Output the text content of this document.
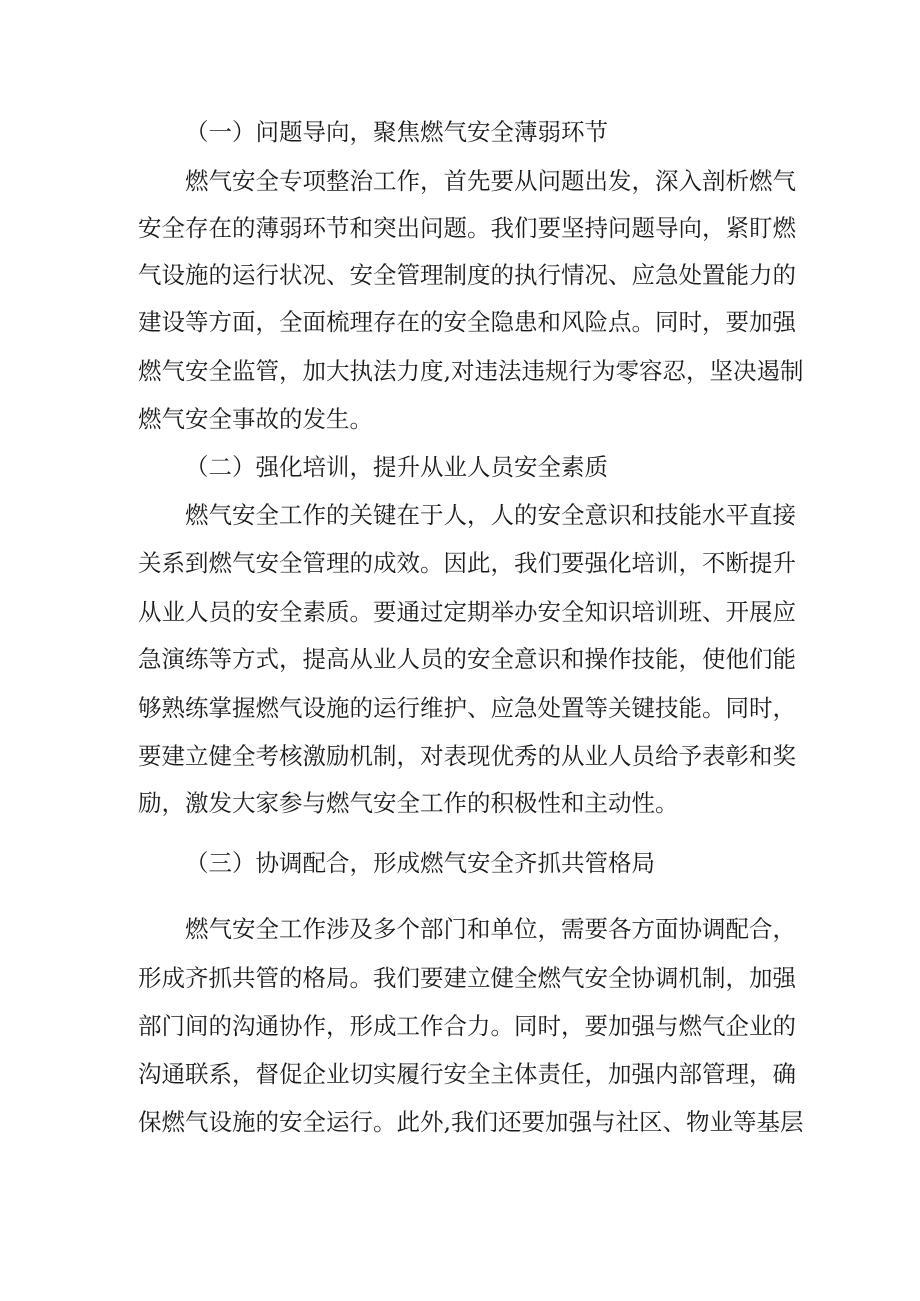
（一）问题导向，聚焦燃气安全薄弱环节

燃气安全专项整治工作，首先要从问题出发，深入剖析燃气

安全存在的薄弱环节和突出问题。我们要坚持问题导向，紧盯燃

气设施的运行状况、安全管理制度的执行情况、应急处置能力的

建设等方面，全面梳理存在的安全隐患和风险点。同时，要加强

燃气安全监管，加大执法力度,对违法违规行为零容忍，坚决遏制

燃气安全事故的发生。

（二）强化培训，提升从业人员安全素质

燃气安全工作的关键在于人，人的安全意识和技能水平直接

关系到燃气安全管理的成效。因此，我们要强化培训，不断提升

从业人员的安全素质。要通过定期举办安全知识培训班、开展应

急演练等方式，提高从业人员的安全意识和操作技能，使他们能

够熟练掌握燃气设施的运行维护、应急处置等关键技能。同时，

要建立健全考核激励机制，对表现优秀的从业人员给予表彰和奖

励，激发大家参与燃气安全工作的积极性和主动性。

（三）协调配合，形成燃气安全齐抓共管格局

燃气安全工作涉及多个部门和单位，需要各方面协调配合，

形成齐抓共管的格局。我们要建立健全燃气安全协调机制，加强

部门间的沟通协作，形成工作合力。同时，要加强与燃气企业的

沟通联系，督促企业切实履行安全主体责任，加强内部管理，确

保燃气设施的安全运行。此外,我们还要加强与社区、物业等基层
